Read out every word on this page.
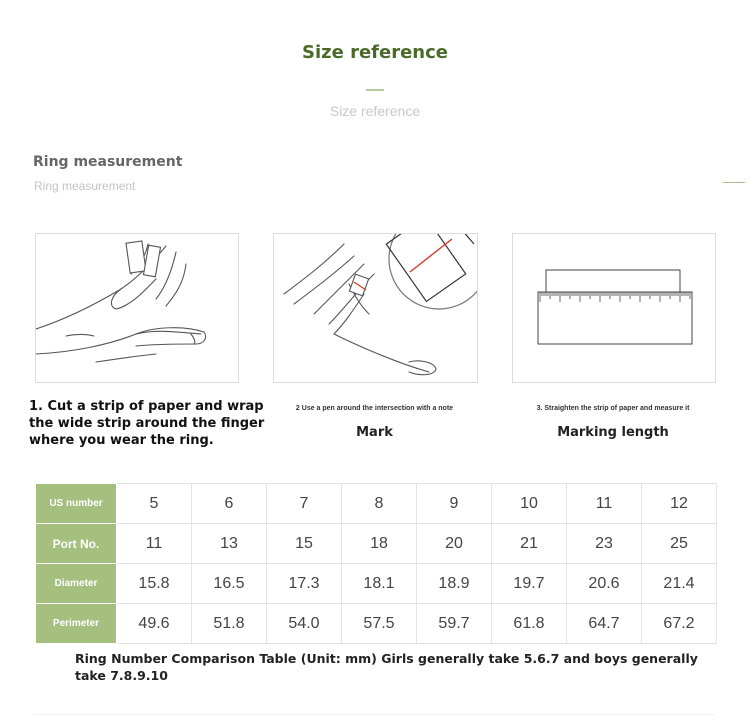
Size reference
Size reference
Ring measurement
Ring measurement
1. Cut a strip of paper and wrap the wide strip around the finger where you wear the ring.
2 Use a pen around the intersection with a note
Mark
3. Straighten the strip of paper and measure it
Marking length
US number	5	6	7	8	9	10	11	12
Port No.	11	13	15	18	20	21	23	25
Diameter	15.8	16.5	17.3	18.1	18.9	19.7	20.6	21.4
Perimeter	49.6	51.8	54.0	57.5	59.7	61.8	64.7	67.2
Ring Number Comparison Table (Unit: mm) Girls generally take 5.6.7 and boys generally take 7.8.9.10
